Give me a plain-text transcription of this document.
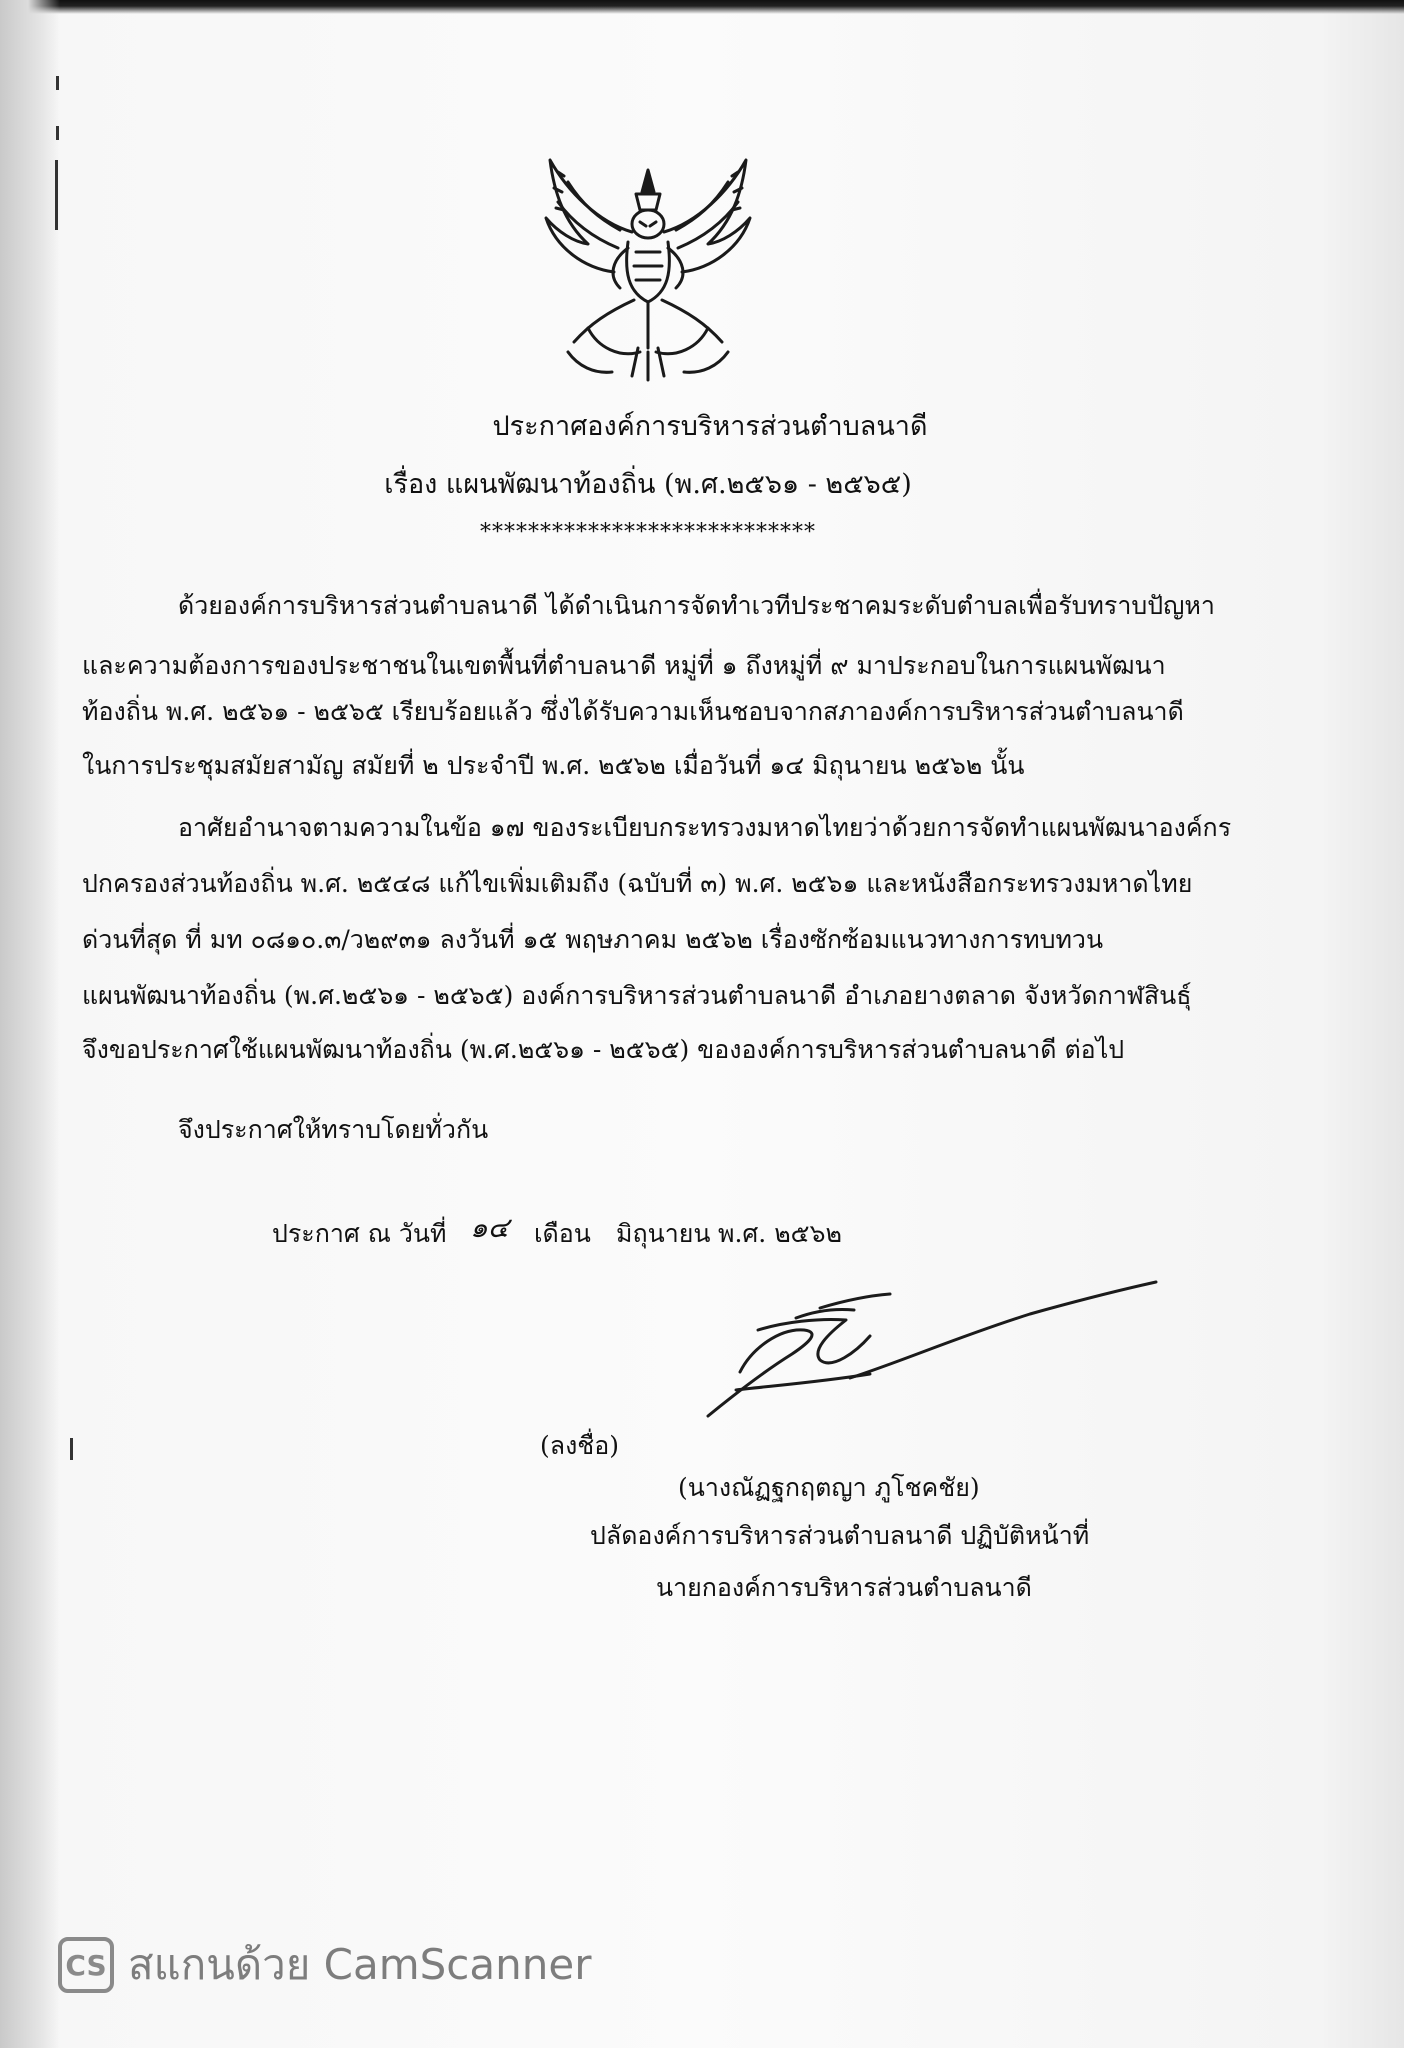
ประกาศองค์การบริหารส่วนตำบลนาดี
เรื่อง แผนพัฒนาท้องถิ่น (พ.ศ.๒๕๖๑ - ๒๕๖๕)
****************************
ด้วยองค์การบริหารส่วนตำบลนาดี ได้ดำเนินการจัดทำเวทีประชาคมระดับตำบลเพื่อรับทราบปัญหา
และความต้องการของประชาชนในเขตพื้นที่ตำบลนาดี หมู่ที่ ๑ ถึงหมู่ที่ ๙ มาประกอบในการแผนพัฒนา
ท้องถิ่น พ.ศ. ๒๕๖๑ - ๒๕๖๕ เรียบร้อยแล้ว ซึ่งได้รับความเห็นชอบจากสภาองค์การบริหารส่วนตำบลนาดี
ในการประชุมสมัยสามัญ สมัยที่ ๒ ประจำปี พ.ศ. ๒๕๖๒ เมื่อวันที่ ๑๔ มิถุนายน ๒๕๖๒ นั้น
อาศัยอำนาจตามความในข้อ ๑๗ ของระเบียบกระทรวงมหาดไทยว่าด้วยการจัดทำแผนพัฒนาองค์กร
ปกครองส่วนท้องถิ่น พ.ศ. ๒๕๔๘ แก้ไขเพิ่มเติมถึง (ฉบับที่ ๓) พ.ศ. ๒๕๖๑ และหนังสือกระทรวงมหาดไทย
ด่วนที่สุด ที่ มท ๐๘๑๐.๓/ว๒๙๓๑ ลงวันที่ ๑๕ พฤษภาคม ๒๕๖๒ เรื่องซักซ้อมแนวทางการทบทวน
แผนพัฒนาท้องถิ่น (พ.ศ.๒๕๖๑ - ๒๕๖๕) องค์การบริหารส่วนตำบลนาดี อำเภอยางตลาด จังหวัดกาฬสินธุ์
จึงขอประกาศใช้แผนพัฒนาท้องถิ่น (พ.ศ.๒๕๖๑ - ๒๕๖๕) ขององค์การบริหารส่วนตำบลนาดี ต่อไป
จึงประกาศให้ทราบโดยทั่วกัน
ประกาศ ณ วันที่ ๑๔ เดือน มิถุนายน พ.ศ. ๒๕๖๒
(ลงชื่อ)
(นางณัฏฐกฤตญา ภูโชคชัย)
ปลัดองค์การบริหารส่วนตำบลนาดี ปฏิบัติหน้าที่
นายกองค์การบริหารส่วนตำบลนาดี
CS สแกนด้วย CamScanner
